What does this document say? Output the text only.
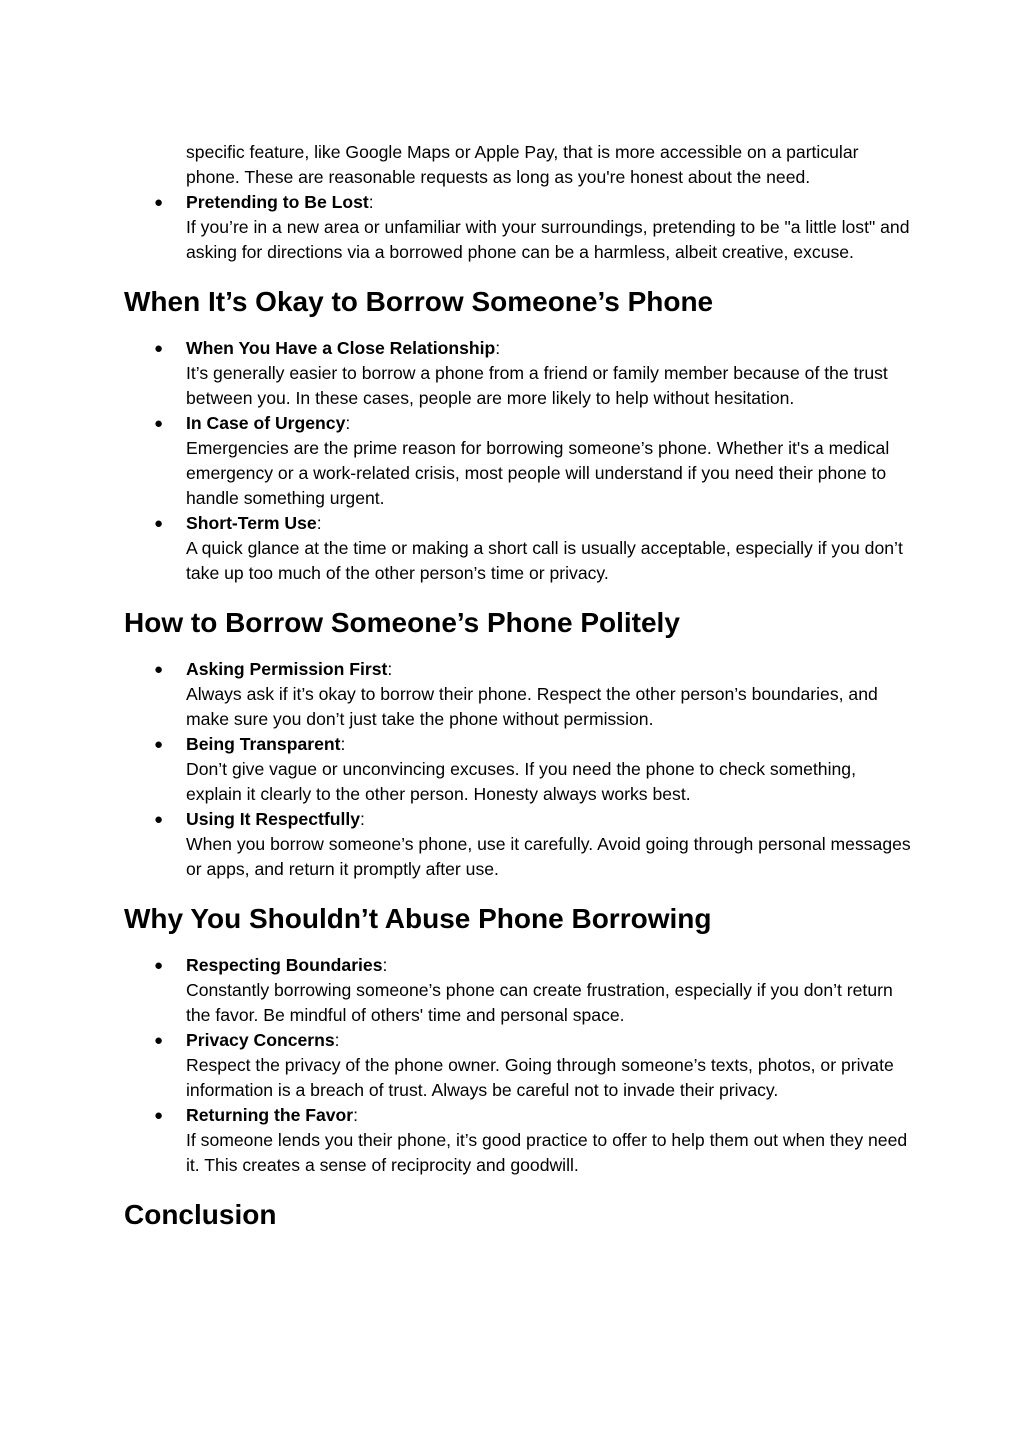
specific feature, like Google Maps or Apple Pay, that is more accessible on a particular phone. These are reasonable requests as long as you're honest about the need.

● Pretending to Be Lost:
If you’re in a new area or unfamiliar with your surroundings, pretending to be "a little lost" and asking for directions via a borrowed phone can be a harmless, albeit creative, excuse.
When It’s Okay to Borrow Someone’s Phone
● When You Have a Close Relationship:
It’s generally easier to borrow a phone from a friend or family member because of the trust between you. In these cases, people are more likely to help without hesitation.
● In Case of Urgency:
Emergencies are the prime reason for borrowing someone’s phone. Whether it's a medical emergency or a work-related crisis, most people will understand if you need their phone to handle something urgent.
● Short-Term Use:
A quick glance at the time or making a short call is usually acceptable, especially if you don’t take up too much of the other person’s time or privacy.
How to Borrow Someone’s Phone Politely
● Asking Permission First:
Always ask if it’s okay to borrow their phone. Respect the other person’s boundaries, and make sure you don’t just take the phone without permission.
● Being Transparent:
Don’t give vague or unconvincing excuses. If you need the phone to check something, explain it clearly to the other person. Honesty always works best.
● Using It Respectfully:
When you borrow someone’s phone, use it carefully. Avoid going through personal messages or apps, and return it promptly after use.
Why You Shouldn’t Abuse Phone Borrowing
● Respecting Boundaries:
Constantly borrowing someone’s phone can create frustration, especially if you don’t return the favor. Be mindful of others' time and personal space.
● Privacy Concerns:
Respect the privacy of the phone owner. Going through someone’s texts, photos, or private information is a breach of trust. Always be careful not to invade their privacy.
● Returning the Favor:
If someone lends you their phone, it’s good practice to offer to help them out when they need it. This creates a sense of reciprocity and goodwill.
Conclusion
